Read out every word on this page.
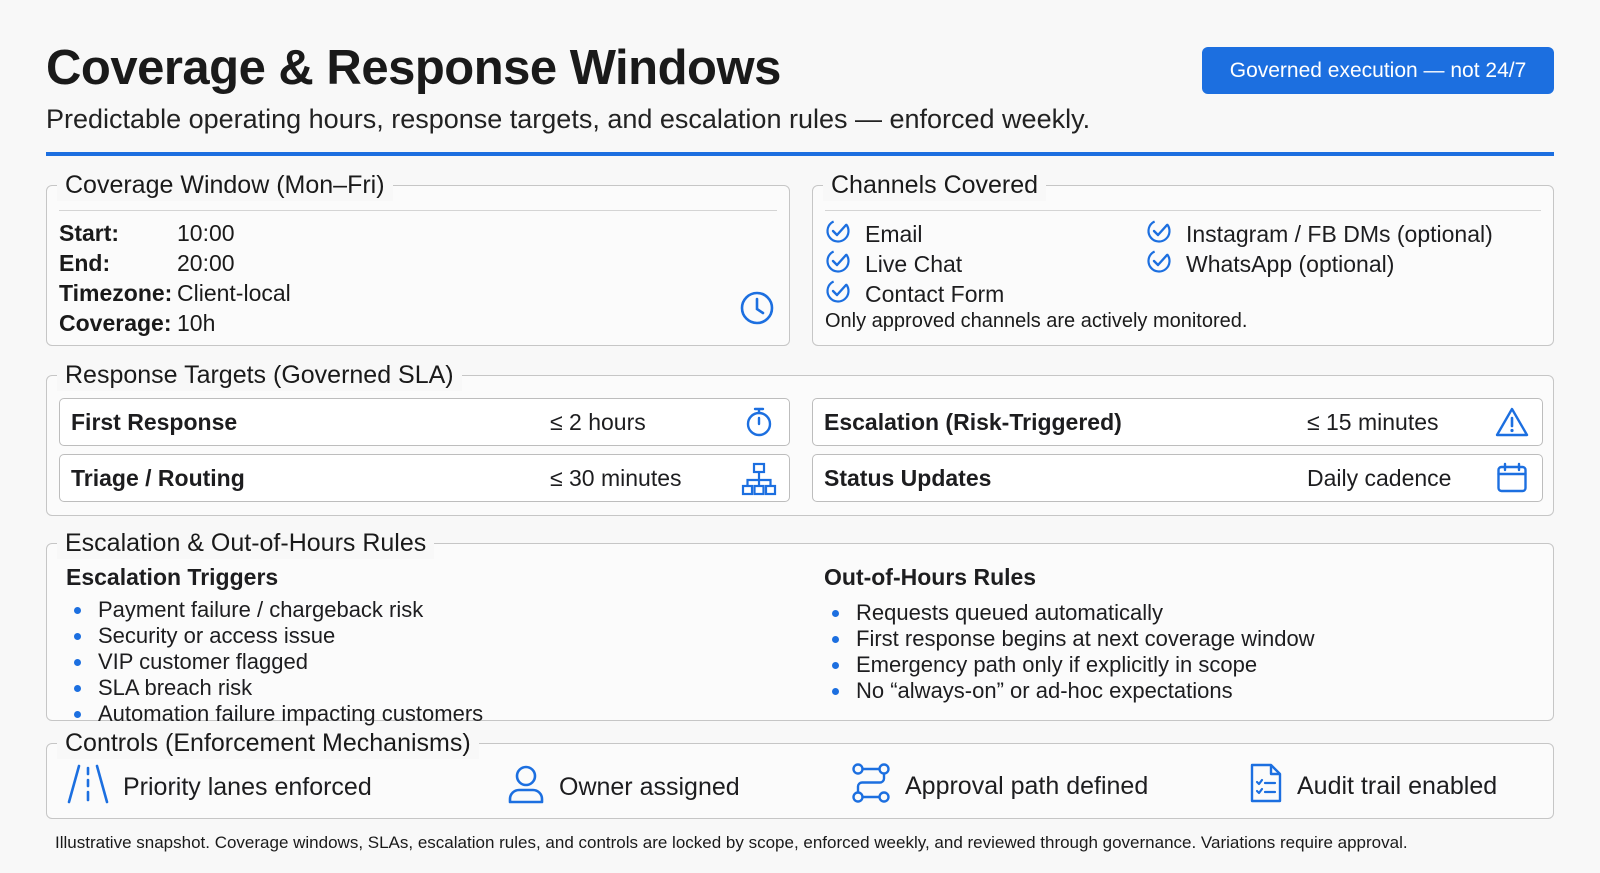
Coverage & Response Windows
Predictable operating hours, response targets, and escalation rules — enforced weekly.
Governed execution — not 24/7
Coverage Window (Mon–Fri)
Start:	10:00
End:	20:00
Timezone: Client-local
Coverage: 10h
Channels Covered
Email
Live Chat
Contact Form
Instagram / FB DMs (optional)
WhatsApp (optional)
Only approved channels are actively monitored.
Response Targets (Governed SLA)
First Response	≤ 2 hours	Escalation (Risk-Triggered)	≤ 15 minutes
Triage / Routing	≤ 30 minutes	Status Updates	Daily cadence
Escalation & Out-of-Hours Rules
Escalation Triggers
Payment failure / chargeback risk
Security or access issue
VIP customer flagged
SLA breach risk
Automation failure impacting customers
Out-of-Hours Rules
Requests queued automatically
First response begins at next coverage window
Emergency path only if explicitly in scope
No “always-on” or ad-hoc expectations
Controls (Enforcement Mechanisms)
Priority lanes enforced	Owner assigned	Approval path defined	Audit trail enabled
Illustrative snapshot. Coverage windows, SLAs, escalation rules, and controls are locked by scope, enforced weekly, and reviewed through governance. Variations require approval.
